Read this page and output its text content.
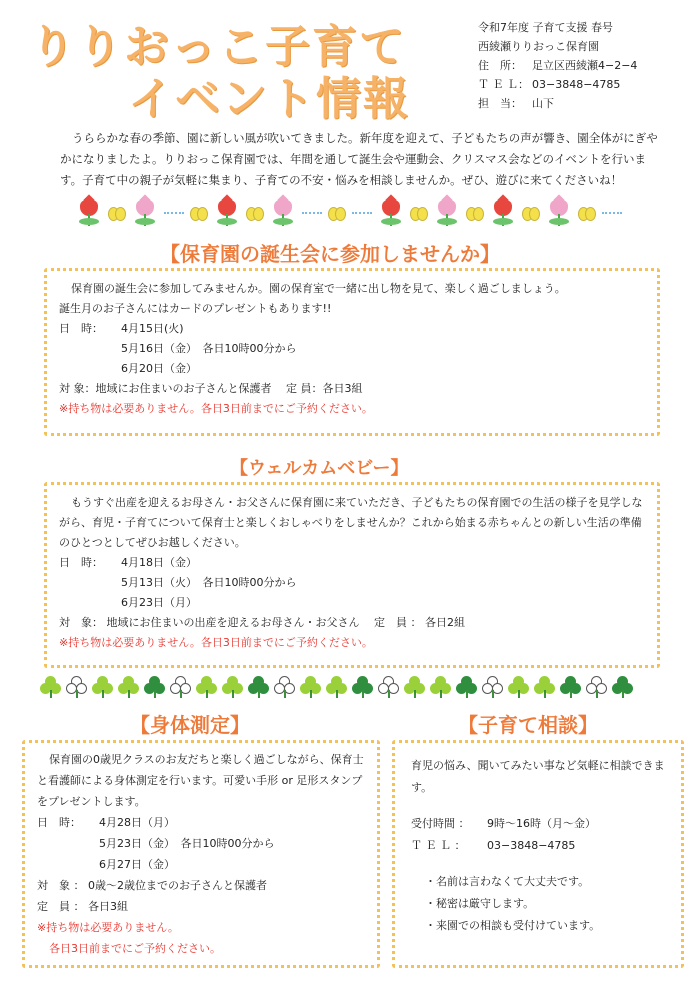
りりおっこ子育て
イベント情報
令和7年度 子育て支援 春号
西綾瀬りりおっこ保育園
住　所： 足立区西綾瀬4−2−4
Ｔ Ｅ Ｌ： 03−3848−4785
担　当： 山下

うららかな春の季節、園に新しい風が吹いてきました。新年度を迎えて、子どもたちの声が響き、園全体がにぎやかになりましたよ。りりおっこ保育園では、年間を通して誕生会や運動会、クリスマス会などのイベントを行います。子育て中の親子が気軽に集まり、子育ての不安・悩みを相談しませんか。ぜひ、遊びに来てくださいね！

【保育園の誕生会に参加しませんか】
保育園の誕生会に参加してみませんか。園の保育室で一緒に出し物を見て、楽しく過ごしましょう。
誕生月のお子さんにはカードのプレゼントもあります!!
日　時： 4月15日(火)
5月16日（金）　各日10時00分から
6月20日（金）
対 象：地域にお住まいのお子さんと保護者　 定 員：各日3組
※持ち物は必要ありません。各日3日前までにご予約ください。
【ウェルカムベビー】
もうすぐ出産を迎えるお母さん・お父さんに保育園に来ていただき、子どもたちの保育園での生活の様子を見学しながら、育児・子育てについて保育士と楽しくおしゃべりをしませんか？これから始まる赤ちゃんとの新しい生活の準備のひとつとしてぜひお越しください。
日　時： 4月18日（金）
5月13日（火）　各日10時00分から
6月23日（月）
対　象： 地域にお住まいの出産を迎えるお母さん・お父さん　 定　員 ： 各日2組
※持ち物は必要ありません。各日3日前までにご予約ください。
【身体測定】	【子育て相談】
保育園の0歳児クラスのお友だちと楽しく過ごしながら、保育士と看護師による身体測定を行います。可愛い手形 or 足形スタンプをプレゼントします。
日　時： 4月28日（月）
5月23日（金）　各日10時00分から
6月27日（金）
対　象 ： 0歳〜2歳位までのお子さんと保護者
定　員 ： 各日3組
※持ち物は必要ありません。
各日3日前までにご予約ください。
育児の悩み、聞いてみたい事など気軽に相談できます。
受付時間 ： 9時〜16時（月〜金）
Ｔ Ｅ Ｌ ： 03−3848−4785
・名前は言わなくて大丈夫です。
・秘密は厳守します。
・来園での相談も受付けています。
